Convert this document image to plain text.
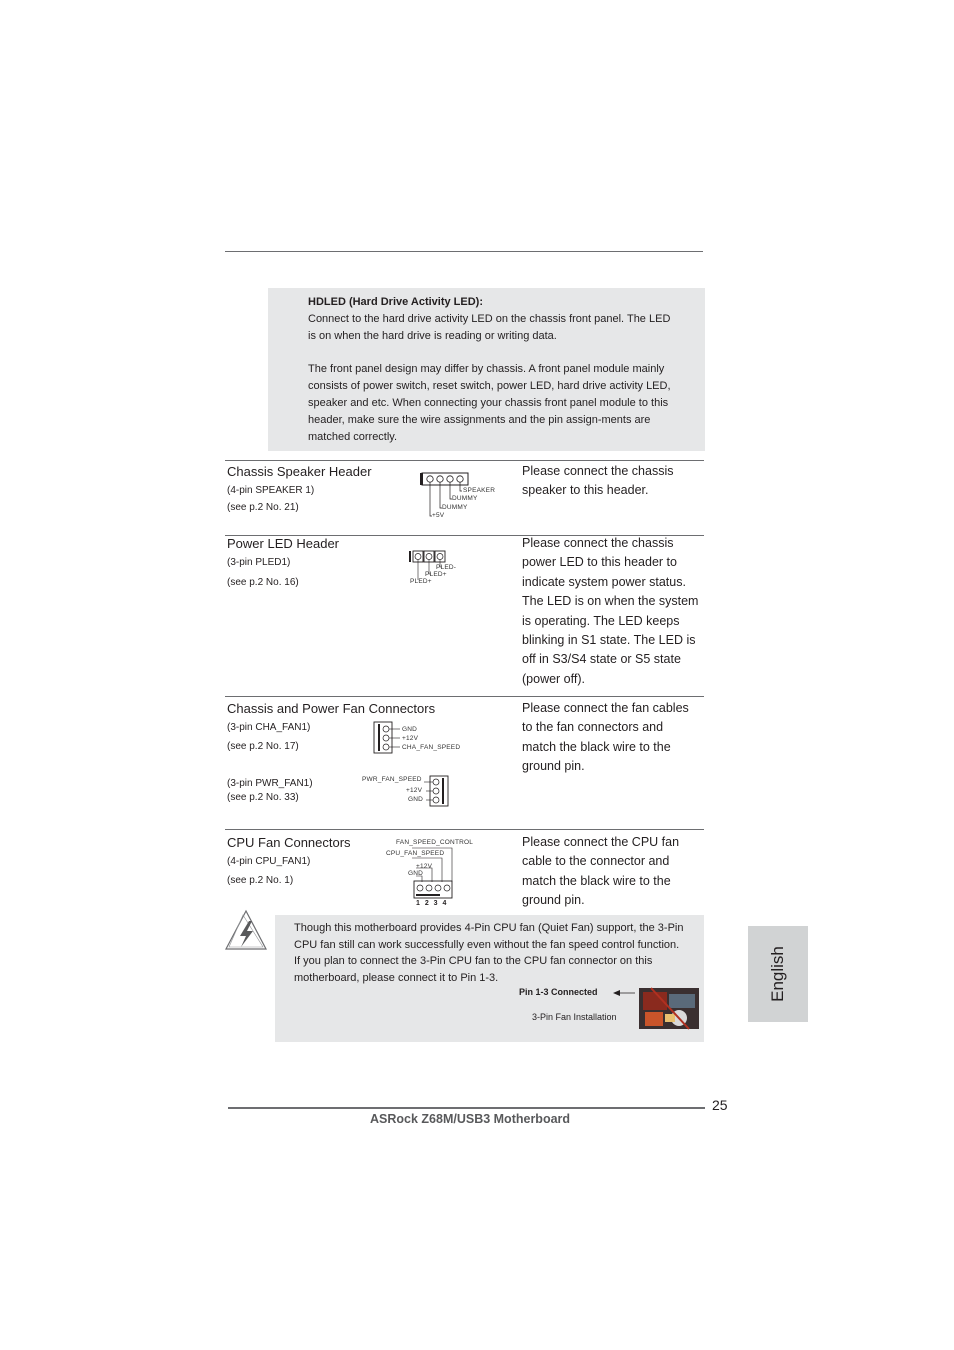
HDLED (Hard Drive Activity LED):
Connect to the hard drive activity LED on the chassis front panel. The LED
is on when the hard drive is reading or writing data.
The front panel design may differ by chassis. A front panel module mainly
consists of power switch, reset switch, power LED, hard drive activity LED,
speaker and etc. When connecting your chassis front panel module to this
header, make sure the wire assignments and the pin assign-ments are
matched correctly.
Chassis Speaker Header
(4-pin SPEAKER 1)
(see p.2 No. 21)
Please connect the chassis
speaker to this header.
SPEAKER
DUMMY
DUMMY
+5V
Power LED Header
(3-pin PLED1)
(see p.2 No. 16)
Please connect the chassis
power LED to this header to
indicate system power status.
The LED is on when the system
is operating. The LED keeps
blinking in S1 state. The LED is
off in S3/S4 state or S5 state
(power off).
PLED-
PLED+
PLED+
Chassis and Power Fan Connectors
(3-pin CHA_FAN1)
(see p.2 No. 17)
(3-pin PWR_FAN1)
(see p.2 No. 33)
Please connect the fan cables
to the fan connectors and
match the black wire to the
ground pin.
GND
+12V
CHA_FAN_SPEED
PWR_FAN_SPEED
+12V
GND
CPU Fan Connectors
(4-pin CPU_FAN1)
(see p.2 No. 1)
Please connect the CPU fan
cable to the connector and
match the black wire to the
ground pin.
FAN_SPEED_CONTROL
CPU_FAN_SPEED
+12V
GND
1 2 3 4
Though this motherboard provides 4-Pin CPU fan (Quiet Fan) support, the 3-Pin
CPU fan still can work successfully even without the fan speed control function.
If you plan to connect the 3-Pin CPU fan to the CPU fan connector on this
motherboard, please connect it to Pin 1-3.
Pin 1-3 Connected
3-Pin Fan Installation
English
25
ASRock Z68M/USB3 Motherboard
